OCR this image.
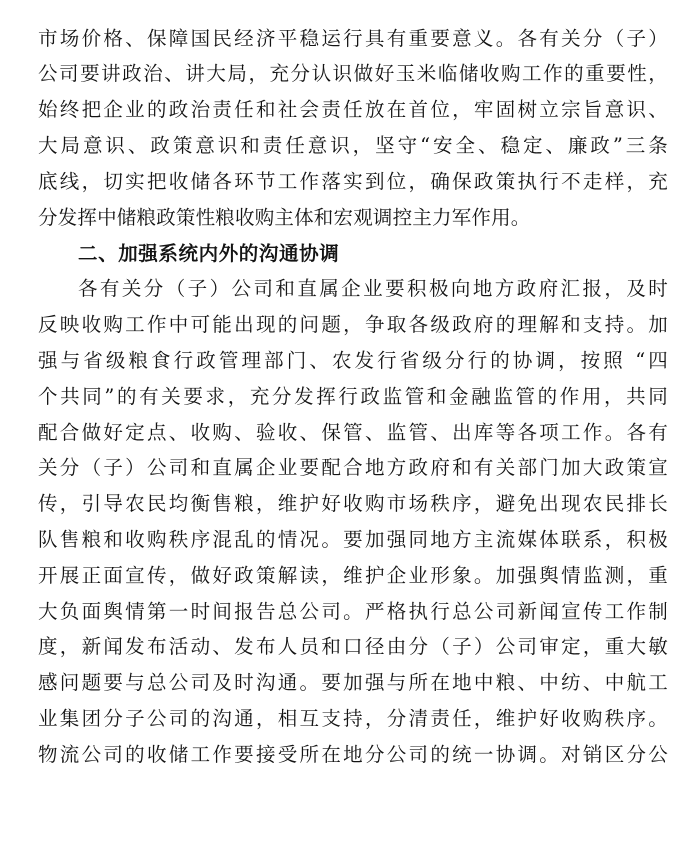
市场价格、保障国民经济平稳运行具有重要意义。各有关分（子）
公司要讲政治、讲大局，充分认识做好玉米临储收购工作的重要性，
始终把企业的政治责任和社会责任放在首位，牢固树立宗旨意识、
大局意识、政策意识和责任意识，坚守“安全、稳定、廉政”三条
底线，切实把收储各环节工作落实到位，确保政策执行不走样，充
分发挥中储粮政策性粮收购主体和宏观调控主力军作用。
二、加强系统内外的沟通协调
各有关分（子）公司和直属企业要积极向地方政府汇报，及时
反映收购工作中可能出现的问题，争取各级政府的理解和支持。加
强与省级粮食行政管理部门、农发行省级分行的协调，按照 “四
个共同”的有关要求，充分发挥行政监管和金融监管的作用，共同
配合做好定点、收购、验收、保管、监管、出库等各项工作。各有
关分（子）公司和直属企业要配合地方政府和有关部门加大政策宣
传，引导农民均衡售粮，维护好收购市场秩序，避免出现农民排长
队售粮和收购秩序混乱的情况。要加强同地方主流媒体联系，积极
开展正面宣传，做好政策解读，维护企业形象。加强舆情监测，重
大负面舆情第一时间报告总公司。严格执行总公司新闻宣传工作制
度，新闻发布活动、发布人员和口径由分（子）公司审定，重大敏
感问题要与总公司及时沟通。要加强与所在地中粮、中纺、中航工
业集团分子公司的沟通，相互支持，分清责任，维护好收购秩序。
物流公司的收储工作要接受所在地分公司的统一协调。对销区分公
